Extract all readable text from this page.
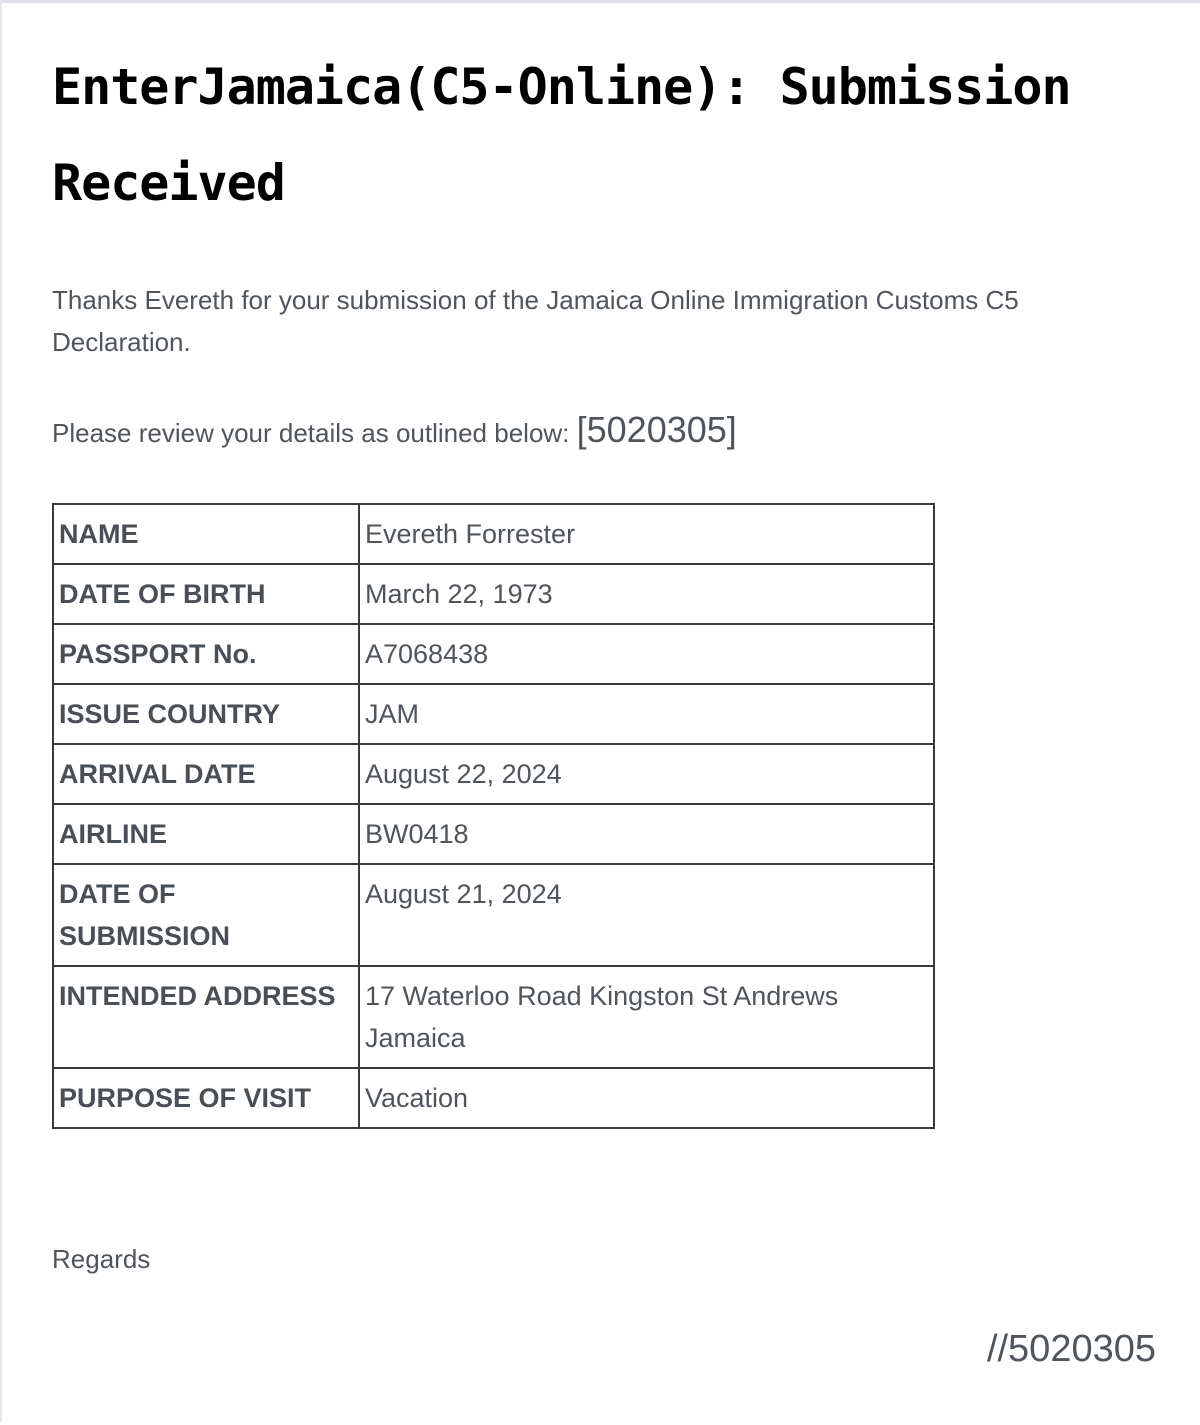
EnterJamaica(C5-Online): Submission Received

Thanks Evereth for your submission of the Jamaica Online Immigration Customs C5 Declaration.

Please review your details as outlined below: [5020305]

NAME	Evereth Forrester
DATE OF BIRTH	March 22, 1973
PASSPORT No.	A7068438
ISSUE COUNTRY	JAM
ARRIVAL DATE	August 22, 2024
AIRLINE	BW0418
DATE OF SUBMISSION	August 21, 2024
INTENDED ADDRESS	17 Waterloo Road Kingston St Andrews Jamaica
PURPOSE OF VISIT	Vacation
Regards
//5020305
